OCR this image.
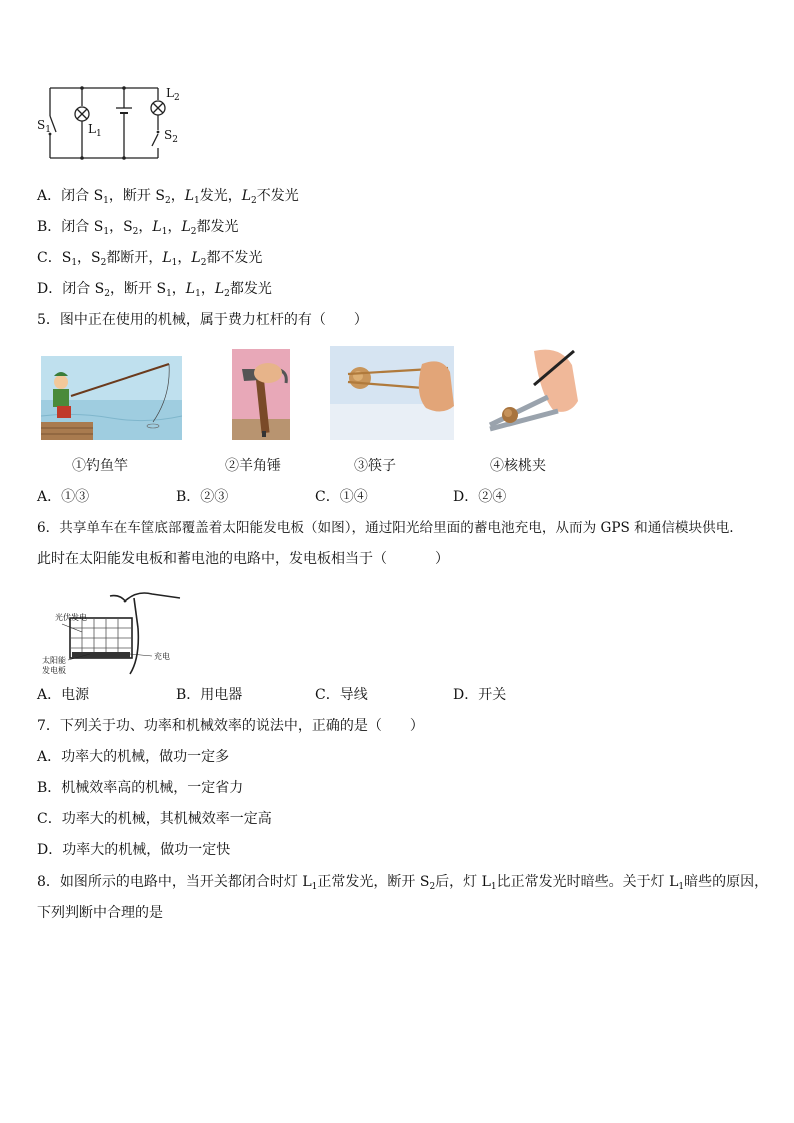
$S_1$	$L_1$
$L_2$
$S_2$
A．闭合 $S_1$，断开 $S_2$，$L_1$发光，$L_2$不发光
B．闭合 $S_1$，$S_2$，$L_1$，$L_2$都发光
C．$S_1$，$S_2$都断开，$L_1$，$L_2$都不发光
D．闭合 $S_2$，断开 $S_1$，$L_1$，$L_2$都发光
5．图中正在使用的机械，属于费力杠杆的有（　　）
①钓鱼竿	②羊角锤	③筷子	④核桃夹
A．①③	B．②③	C．①④	D．②④
6．共享单车在车筐底部覆盖着太阳能发电板（如图），通过阳光给里面的蓄电池充电，从而为 GPS 和通信模块供电.
此时在太阳能发电板和蓄电池的电路中，发电板相当于（	）
光伏发电
太阳能
发电板
充电
A．电源	B．用电器	C．导线	D．开关
7．下列关于功、功率和机械效率的说法中，正确的是（　　）
A．功率大的机械，做功一定多
B．机械效率高的机械，一定省力
C．功率大的机械，其机械效率一定高
D．功率大的机械，做功一定快
8．如图所示的电路中，当开关都闭合时灯 $L_1$正常发光，断开 $S_2$后，灯 $L_1$比正常发光时暗些。关于灯 $L_1$暗些的原因，
下列判断中合理的是
